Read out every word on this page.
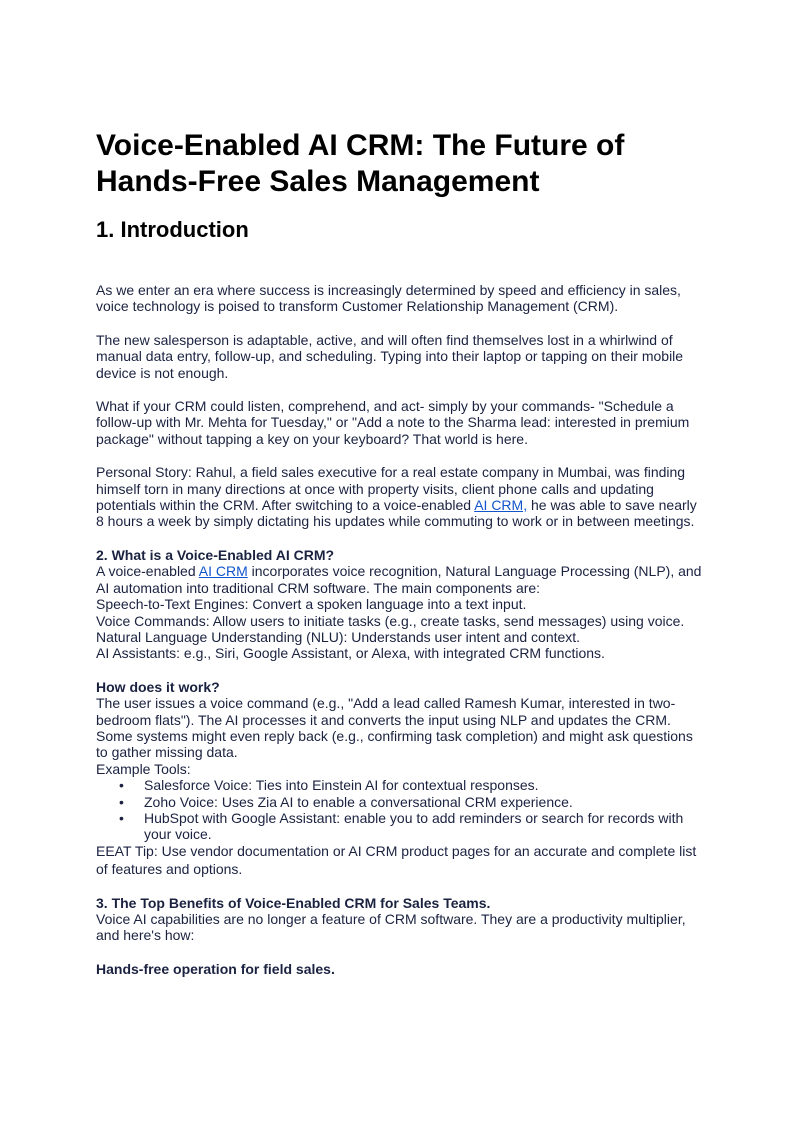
Voice-Enabled AI CRM: The Future of Hands-Free Sales Management
1. Introduction

As we enter an era where success is increasingly determined by speed and efficiency in sales, voice technology is poised to transform Customer Relationship Management (CRM).

The new salesperson is adaptable, active, and will often find themselves lost in a whirlwind of manual data entry, follow-up, and scheduling. Typing into their laptop or tapping on their mobile device is not enough.

What if your CRM could listen, comprehend, and act- simply by your commands- "Schedule a follow-up with Mr. Mehta for Tuesday," or "Add a note to the Sharma lead: interested in premium package" without tapping a key on your keyboard? That world is here.

Personal Story: Rahul, a field sales executive for a real estate company in Mumbai, was finding himself torn in many directions at once with property visits, client phone calls and updating potentials within the CRM. After switching to a voice-enabled AI CRM, he was able to save nearly 8 hours a week by simply dictating his updates while commuting to work or in between meetings.

2. What is a Voice-Enabled AI CRM?
A voice-enabled AI CRM incorporates voice recognition, Natural Language Processing (NLP), and AI automation into traditional CRM software. The main components are:
Speech-to-Text Engines: Convert a spoken language into a text input.
Voice Commands: Allow users to initiate tasks (e.g., create tasks, send messages) using voice.
Natural Language Understanding (NLU): Understands user intent and context.
AI Assistants: e.g., Siri, Google Assistant, or Alexa, with integrated CRM functions.
How does it work?
The user issues a voice command (e.g., "Add a lead called Ramesh Kumar, interested in two-bedroom flats"). The AI processes it and converts the input using NLP and updates the CRM. Some systems might even reply back (e.g., confirming task completion) and might ask questions to gather missing data.
Example Tools:
• Salesforce Voice: Ties into Einstein AI for contextual responses.
• Zoho Voice: Uses Zia AI to enable a conversational CRM experience.
• HubSpot with Google Assistant: enable you to add reminders or search for records with your voice.
EEAT Tip: Use vendor documentation or AI CRM product pages for an accurate and complete list of features and options.
3. The Top Benefits of Voice-Enabled CRM for Sales Teams.
Voice AI capabilities are no longer a feature of CRM software. They are a productivity multiplier, and here's how:
Hands-free operation for field sales.
